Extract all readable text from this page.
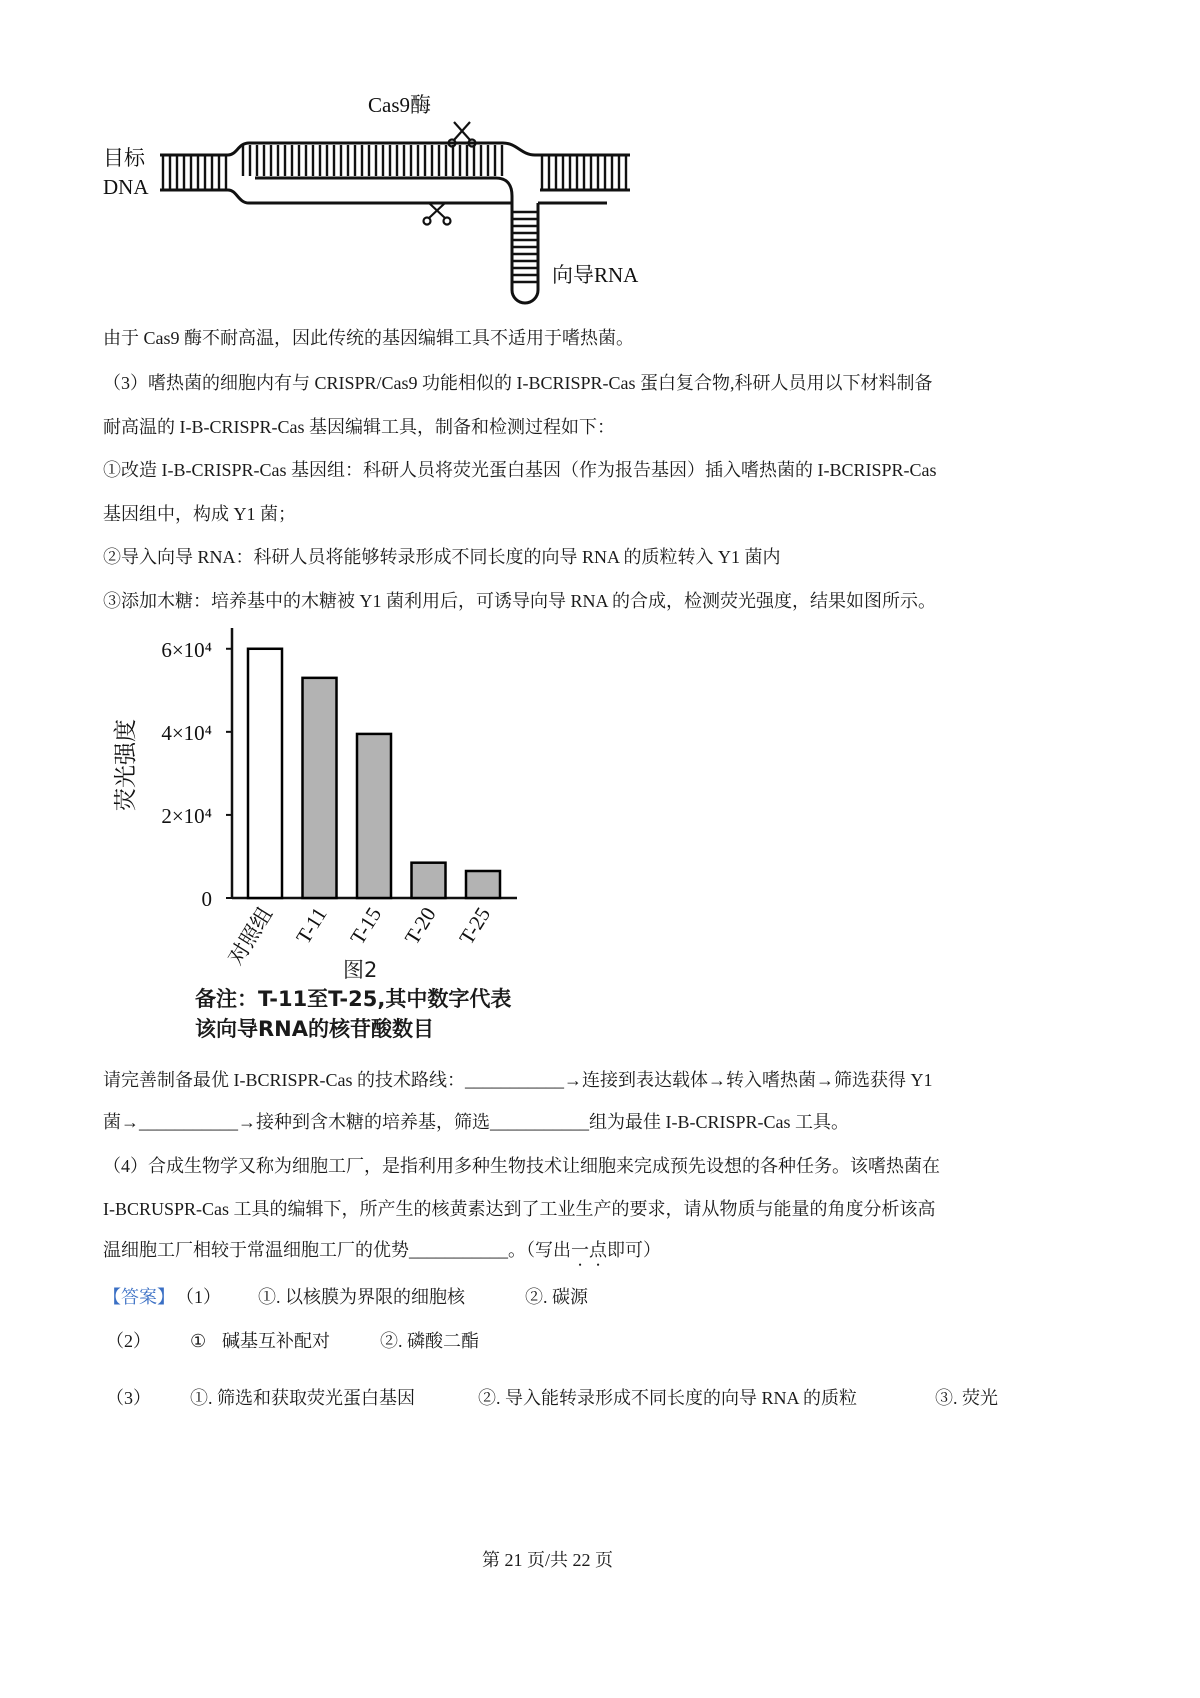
Cas9酶
目标
DNA
向导RNA
由于 Cas9 酶不耐高温，因此传统的基因编辑工具不适用于嗜热菌。
（3）嗜热菌的细胞内有与 CRISPR/Cas9 功能相似的 I-BCRISPR-Cas 蛋白复合物,科研人员用以下材料制备
耐高温的 I-B-CRISPR-Cas 基因编辑工具，制备和检测过程如下：
①改造 I-B-CRISPR-Cas 基因组：科研人员将荧光蛋白基因（作为报告基因）插入嗜热菌的 I-BCRISPR-Cas
基因组中，构成 Y1 菌；
②导入向导 RNA：科研人员将能够转录形成不同长度的向导 RNA 的质粒转入 Y1 菌内
③添加木糖：培养基中的木糖被 Y1 菌利用后，可诱导向导 RNA 的合成，检测荧光强度，结果如图所示。
荧光强度
0
2×10⁴
4×10⁴
6×10⁴
对照组 T-11 T-15 T-20 T-25
图2
备注：T-11至T-25,其中数字代表
该向导RNA的核苷酸数目
请完善制备最优 I-BCRISPR-Cas 的技术路线：___________→连接到表达载体→转入嗜热菌→筛选获得 Y1
菌→___________→接种到含木糖的培养基，筛选___________组为最佳 I-B-CRISPR-Cas 工具。
（4）合成生物学又称为细胞工厂，是指利用多种生物技术让细胞来完成预先设想的各种任务。该嗜热菌在
I-BCRUSPR-Cas 工具的编辑下，所产生的核黄素达到了工业生产的要求，请从物质与能量的角度分析该高
温细胞工厂相较于常温细胞工厂的优势___________。（写出一点即可）
【答案】 （1） ①. 以核膜为界限的细胞核	②. 碳源
（2） ① 碱基互补配对	②. 磷酸二酯
（3） ①. 筛选和获取荧光蛋白基因	②. 导入能转录形成不同长度的向导 RNA 的质粒	③. 荧光
第 21 页/共 22 页
